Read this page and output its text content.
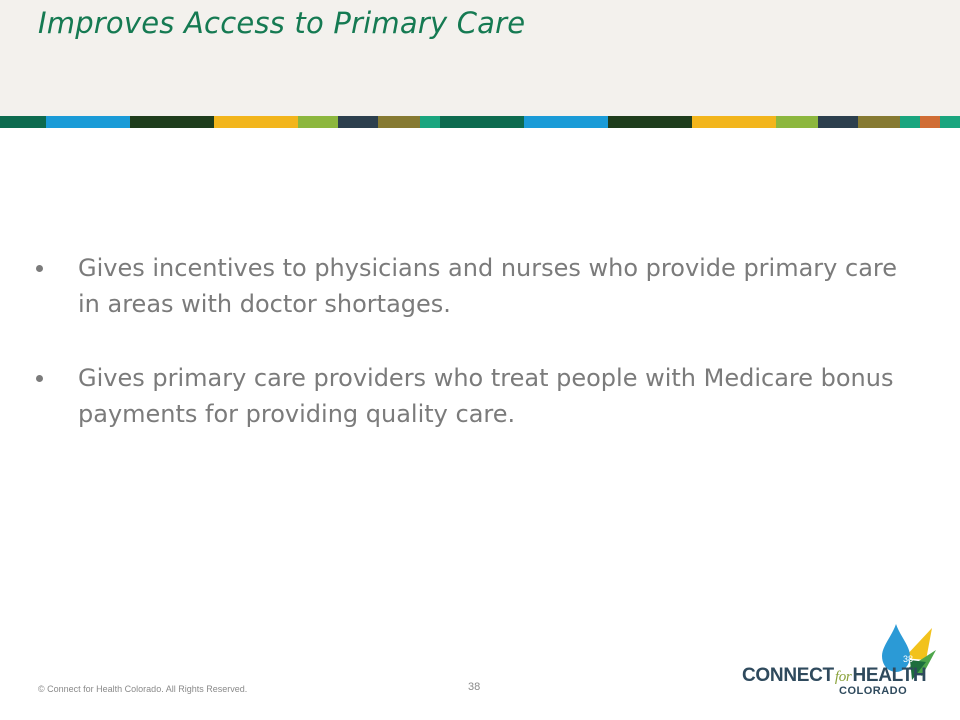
Improves Access to Primary Care
Gives incentives to physicians and nurses who provide primary care in areas with doctor shortages.
Gives primary care providers who treat people with Medicare bonus payments for providing quality care.
© Connect for Health Colorado. All Rights Reserved.	38
38
CONNECTforHEALTH
COLORADO
